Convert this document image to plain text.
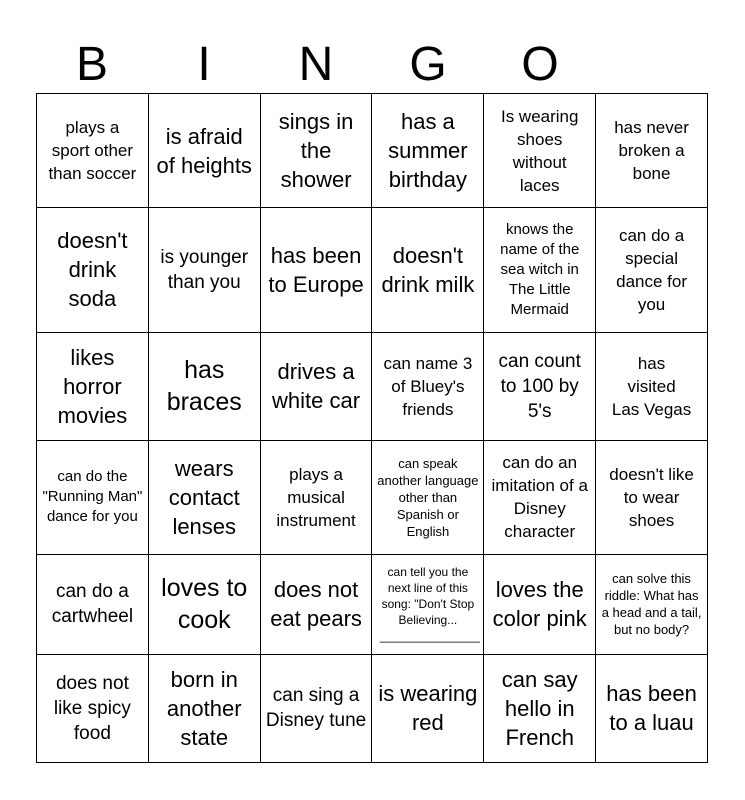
B	I	N	G	O
plays a sport other than soccer	is afraid of heights	sings in the shower	has a summer birthday	Is wearing shoes without laces	has never broken a bone

doesn't drink soda	is younger than you	has been to Europe	doesn't drink milk	knows the name of the sea witch in The Little Mermaid	can do a special dance for you

likes horror movies	has braces	drives a white car	can name 3 of Bluey's friends	can count to 100 by 5's	has visited Las Vegas

can do the "Running Man" dance for you	wears contact lenses	plays a musical instrument	can speak another language other than Spanish or English	can do an imitation of a Disney character	doesn't like to wear shoes

can do a cartwheel	loves to cook	does not eat pears	can tell you the next line of this song: "Don't Stop Believing... _______________	loves the color pink	can solve this riddle: What has a head and a tail, but no body?

does not like spicy food	born in another state	can sing a Disney tune	is wearing red	can say hello in French	has been to a luau
